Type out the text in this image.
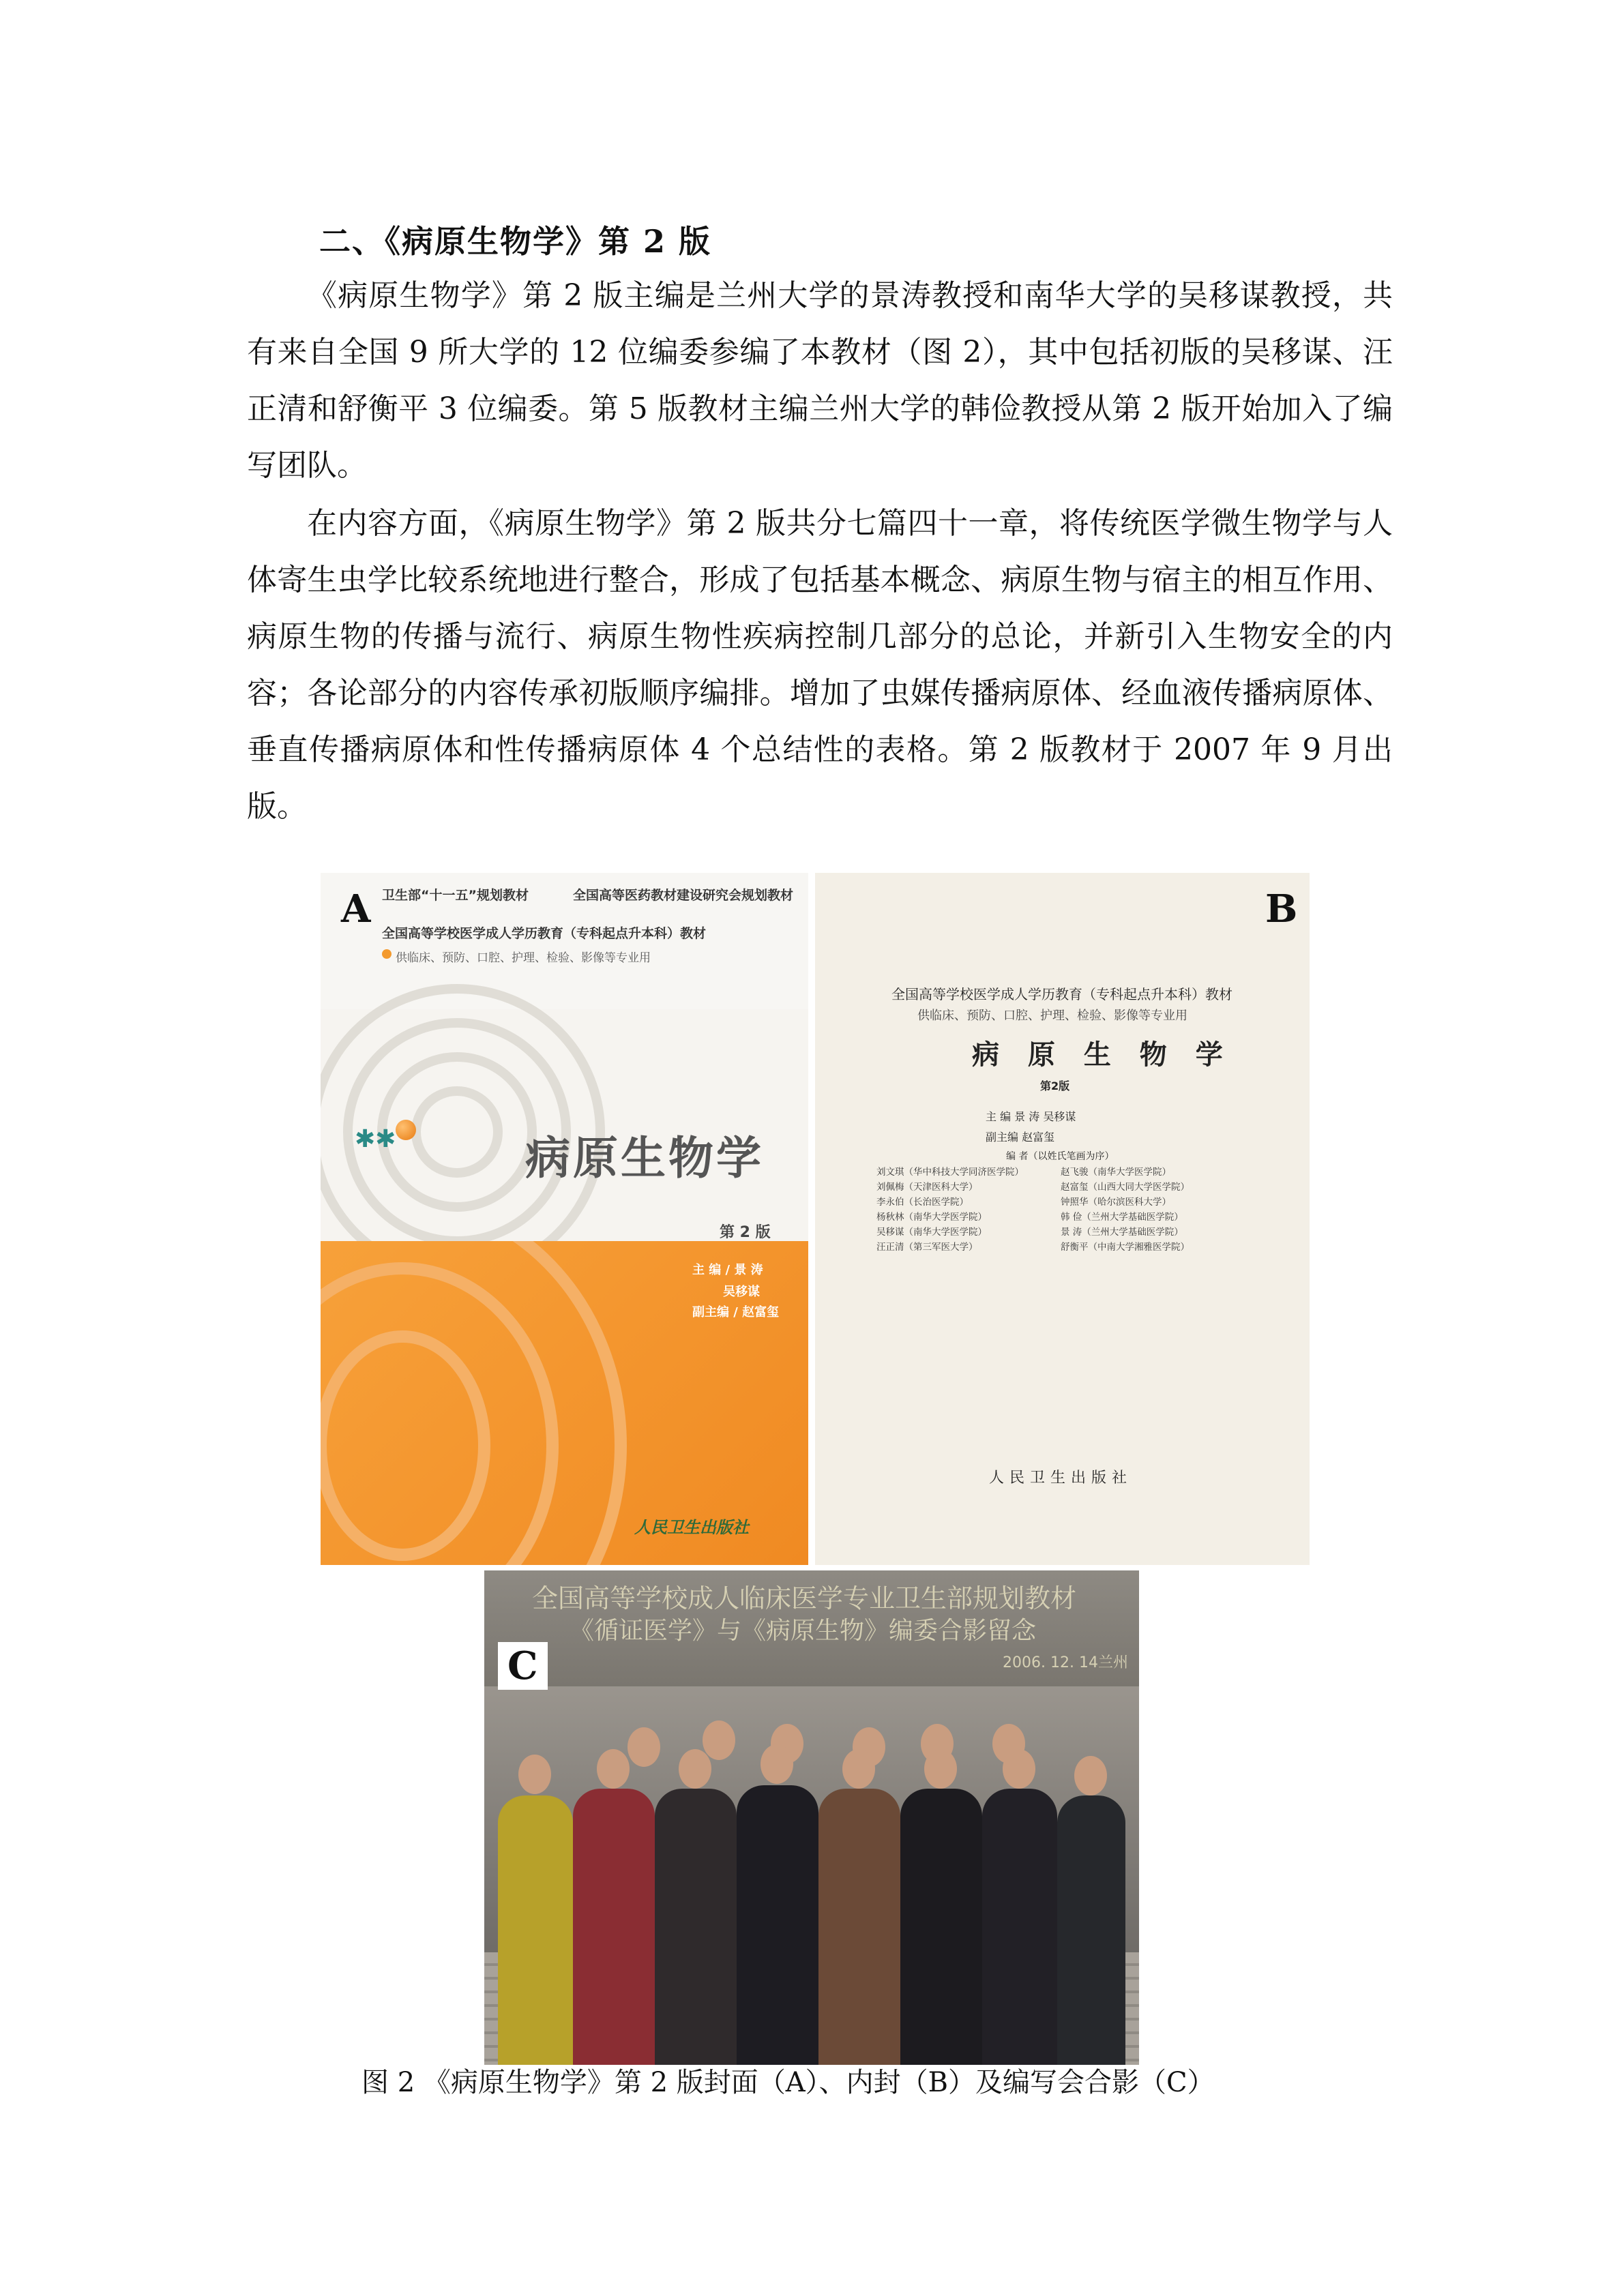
二、《病原生物学》第 2 版

《病原生物学》第 2 版主编是兰州大学的景涛教授和南华大学的吴移谋教授，共有来自全国 9 所大学的 12 位编委参编了本教材（图 2），其中包括初版的吴移谋、汪正清和舒衡平 3 位编委。第 5 版教材主编兰州大学的韩俭教授从第 2 版开始加入了编写团队。

在内容方面，《病原生物学》第 2 版共分七篇四十一章，将传统医学微生物学与人体寄生虫学比较系统地进行整合，形成了包括基本概念、病原生物与宿主的相互作用、病原生物的传播与流行、病原生物性疾病控制几部分的总论，并新引入生物安全的内容；各论部分的内容传承初版顺序编排。增加了虫媒传播病原体、经血液传播病原体、垂直传播病原体和性传播病原体 4 个总结性的表格。第 2 版教材于 2007 年 9 月出版。

A 卫生部“十一五”规划教材	全国高等医药教材建设研究会规划教材
全国高等学校医学成人学历教育（专科起点升本科）教材
供临床、预防、口腔、护理、检验、影像等专业用
✱✱	病原生物学
第 2 版
主 编 / 景 涛
吴移谋
副主编 / 赵富玺
人民卫生出版社
B
全国高等学校医学成人学历教育（专科起点升本科）教材
供临床、预防、口腔、护理、检验、影像等专业用
病 原 生 物 学
第2版
主 编 景 涛 吴移谋
副主编 赵富玺
编 者（以姓氏笔画为序）
刘文琪（华中科技大学同济医学院）
刘佩梅（天津医科大学）
李永伯（长治医学院）
杨秋林（南华大学医学院）
吴移谋（南华大学医学院）
汪正清（第三军医大学）
赵飞骏（南华大学医学院）
赵富玺（山西大同大学医学院）
钟照华（哈尔滨医科大学）
韩 俭（兰州大学基础医学院）
景 涛（兰州大学基础医学院）
舒衡平（中南大学湘雅医学院）
人民卫生出版社
全国高等学校成人临床医学专业卫生部规划教材
《循证医学》与《病原生物》编委合影留念
2006. 12. 14兰州
C
图 2 《病原生物学》第 2 版封面（A）、内封（B）及编写会合影（C）
